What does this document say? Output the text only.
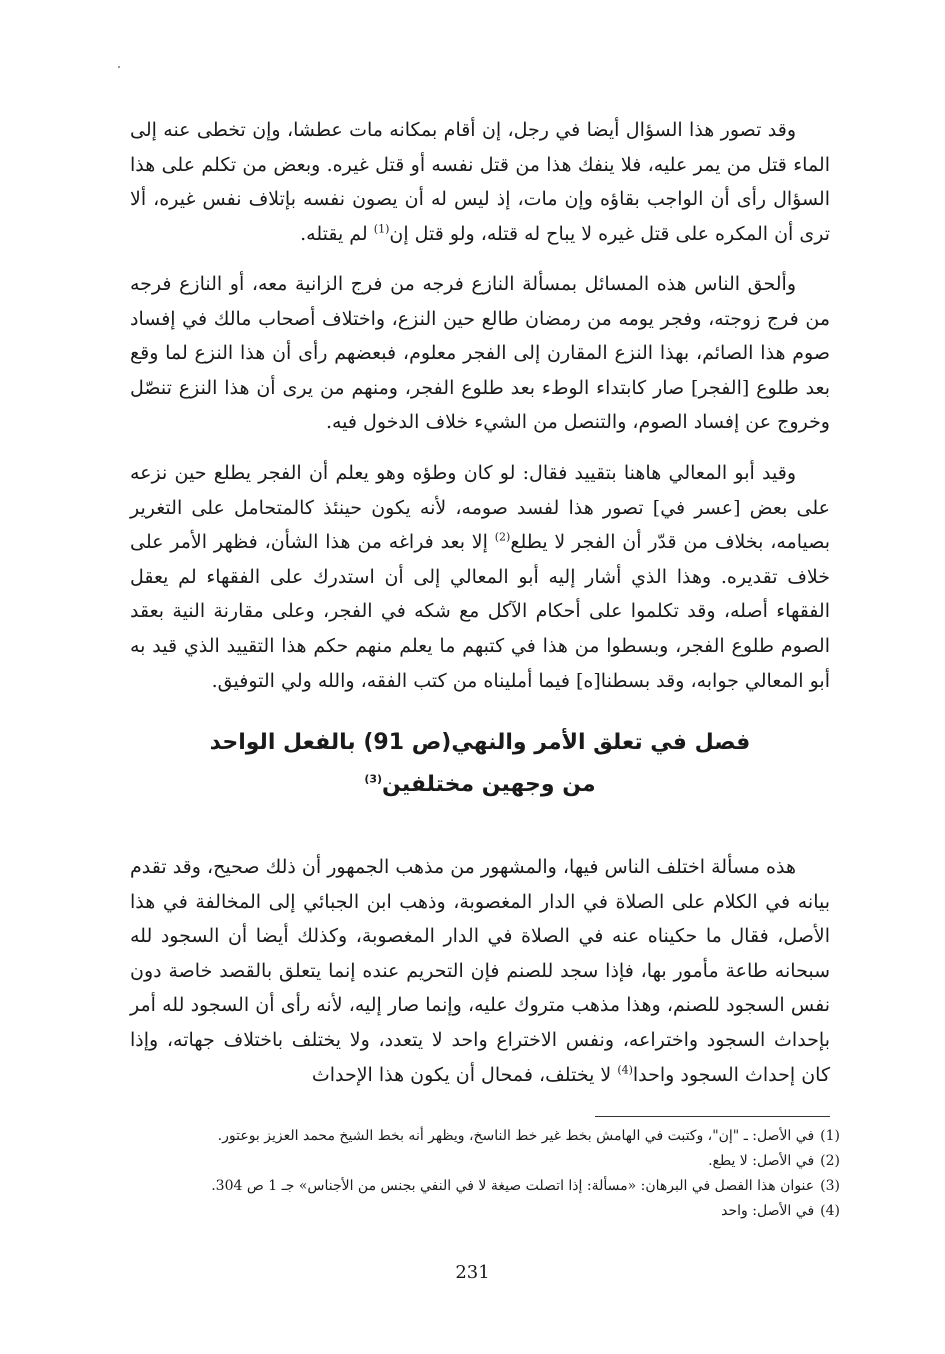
وقد تصور هذا السؤال أيضا في رجل، إن أقام بمكانه مات عطشا، وإن تخطى عنه إلى الماء قتل من يمر عليه، فلا ينفك هذا من قتل نفسه أو قتل غيره. وبعض من تكلم على هذا السؤال رأى أن الواجب بقاؤه وإن مات، إذ ليس له أن يصون نفسه بإتلاف نفس غيره، ألا ترى أن المكره على قتل غيره لا يباح له قتله، ولو قتل إن$^{(1)}$ لم يقتله.

وألحق الناس هذه المسائل بمسألة النازع فرجه من فرج الزانية معه، أو النازع فرجه من فرج زوجته، وفجر يومه من رمضان طالع حين النزع، واختلاف أصحاب مالك في إفساد صوم هذا الصائم، بهذا النزع المقارن إلى الفجر معلوم، فبعضهم رأى أن هذا النزع لما وقع بعد طلوع [الفجر] صار كابتداء الوطء بعد طلوع الفجر، ومنهم من يرى أن هذا النزع تنصّل وخروج عن إفساد الصوم، والتنصل من الشيء خلاف الدخول فيه.

وقيد أبو المعالي هاهنا بتقييد فقال: لو كان وطؤه وهو يعلم أن الفجر يطلع حين نزعه على بعض [عسر في] تصور هذا لفسد صومه، لأنه يكون حينئذ كالمتحامل على التغرير بصيامه، بخلاف من قدّر أن الفجر لا يطلع$^{(2)}$ إلا بعد فراغه من هذا الشأن، فظهر الأمر على خلاف تقديره. وهذا الذي أشار إليه أبو المعالي إلى أن استدرك على الفقهاء لم يعقل الفقهاء أصله، وقد تكلموا على أحكام الآكل مع شكه في الفجر، وعلى مقارنة النية بعقد الصوم طلوع الفجر، وبسطوا من هذا في كتبهم ما يعلم منهم حكم هذا التقييد الذي قيد به أبو المعالي جوابه، وقد بسطنا[ه] فيما أمليناه من كتب الفقه، والله ولي التوفيق.

فصل في تعلق الأمر والنهي(ص 91) بالفعل الواحد
من وجهين مختلفين$^{(3)}$

هذه مسألة اختلف الناس فيها، والمشهور من مذهب الجمهور أن ذلك صحيح، وقد تقدم بيانه في الكلام على الصلاة في الدار المغصوبة، وذهب ابن الجبائي إلى المخالفة في هذا الأصل، فقال ما حكيناه عنه في الصلاة في الدار المغصوبة، وكذلك أيضا أن السجود لله سبحانه طاعة مأمور بها، فإذا سجد للصنم فإن التحريم عنده إنما يتعلق بالقصد خاصة دون نفس السجود للصنم، وهذا مذهب متروك عليه، وإنما صار إليه، لأنه رأى أن السجود لله أمر بإحداث السجود واختراعه، ونفس الاختراع واحد لا يتعدد، ولا يختلف باختلاف جهاته، وإذا كان إحداث السجود واحدا$^{(4)}$ لا يختلف، فمحال أن يكون هذا الإحداث

(1)في الأصل: ـ "إن"، وكتبت في الهامش بخط غير خط الناسخ، ويظهر أنه بخط الشيخ محمد العزيز بوعتور.

(2)في الأصل: لا يطع.

(3)عنوان هذا الفصل في البرهان: «مسألة: إذا اتصلت صيغة لا في النفي بجنس من الأجناس» جـ 1 ص 304.

(4)في الأصل: واحد

231
